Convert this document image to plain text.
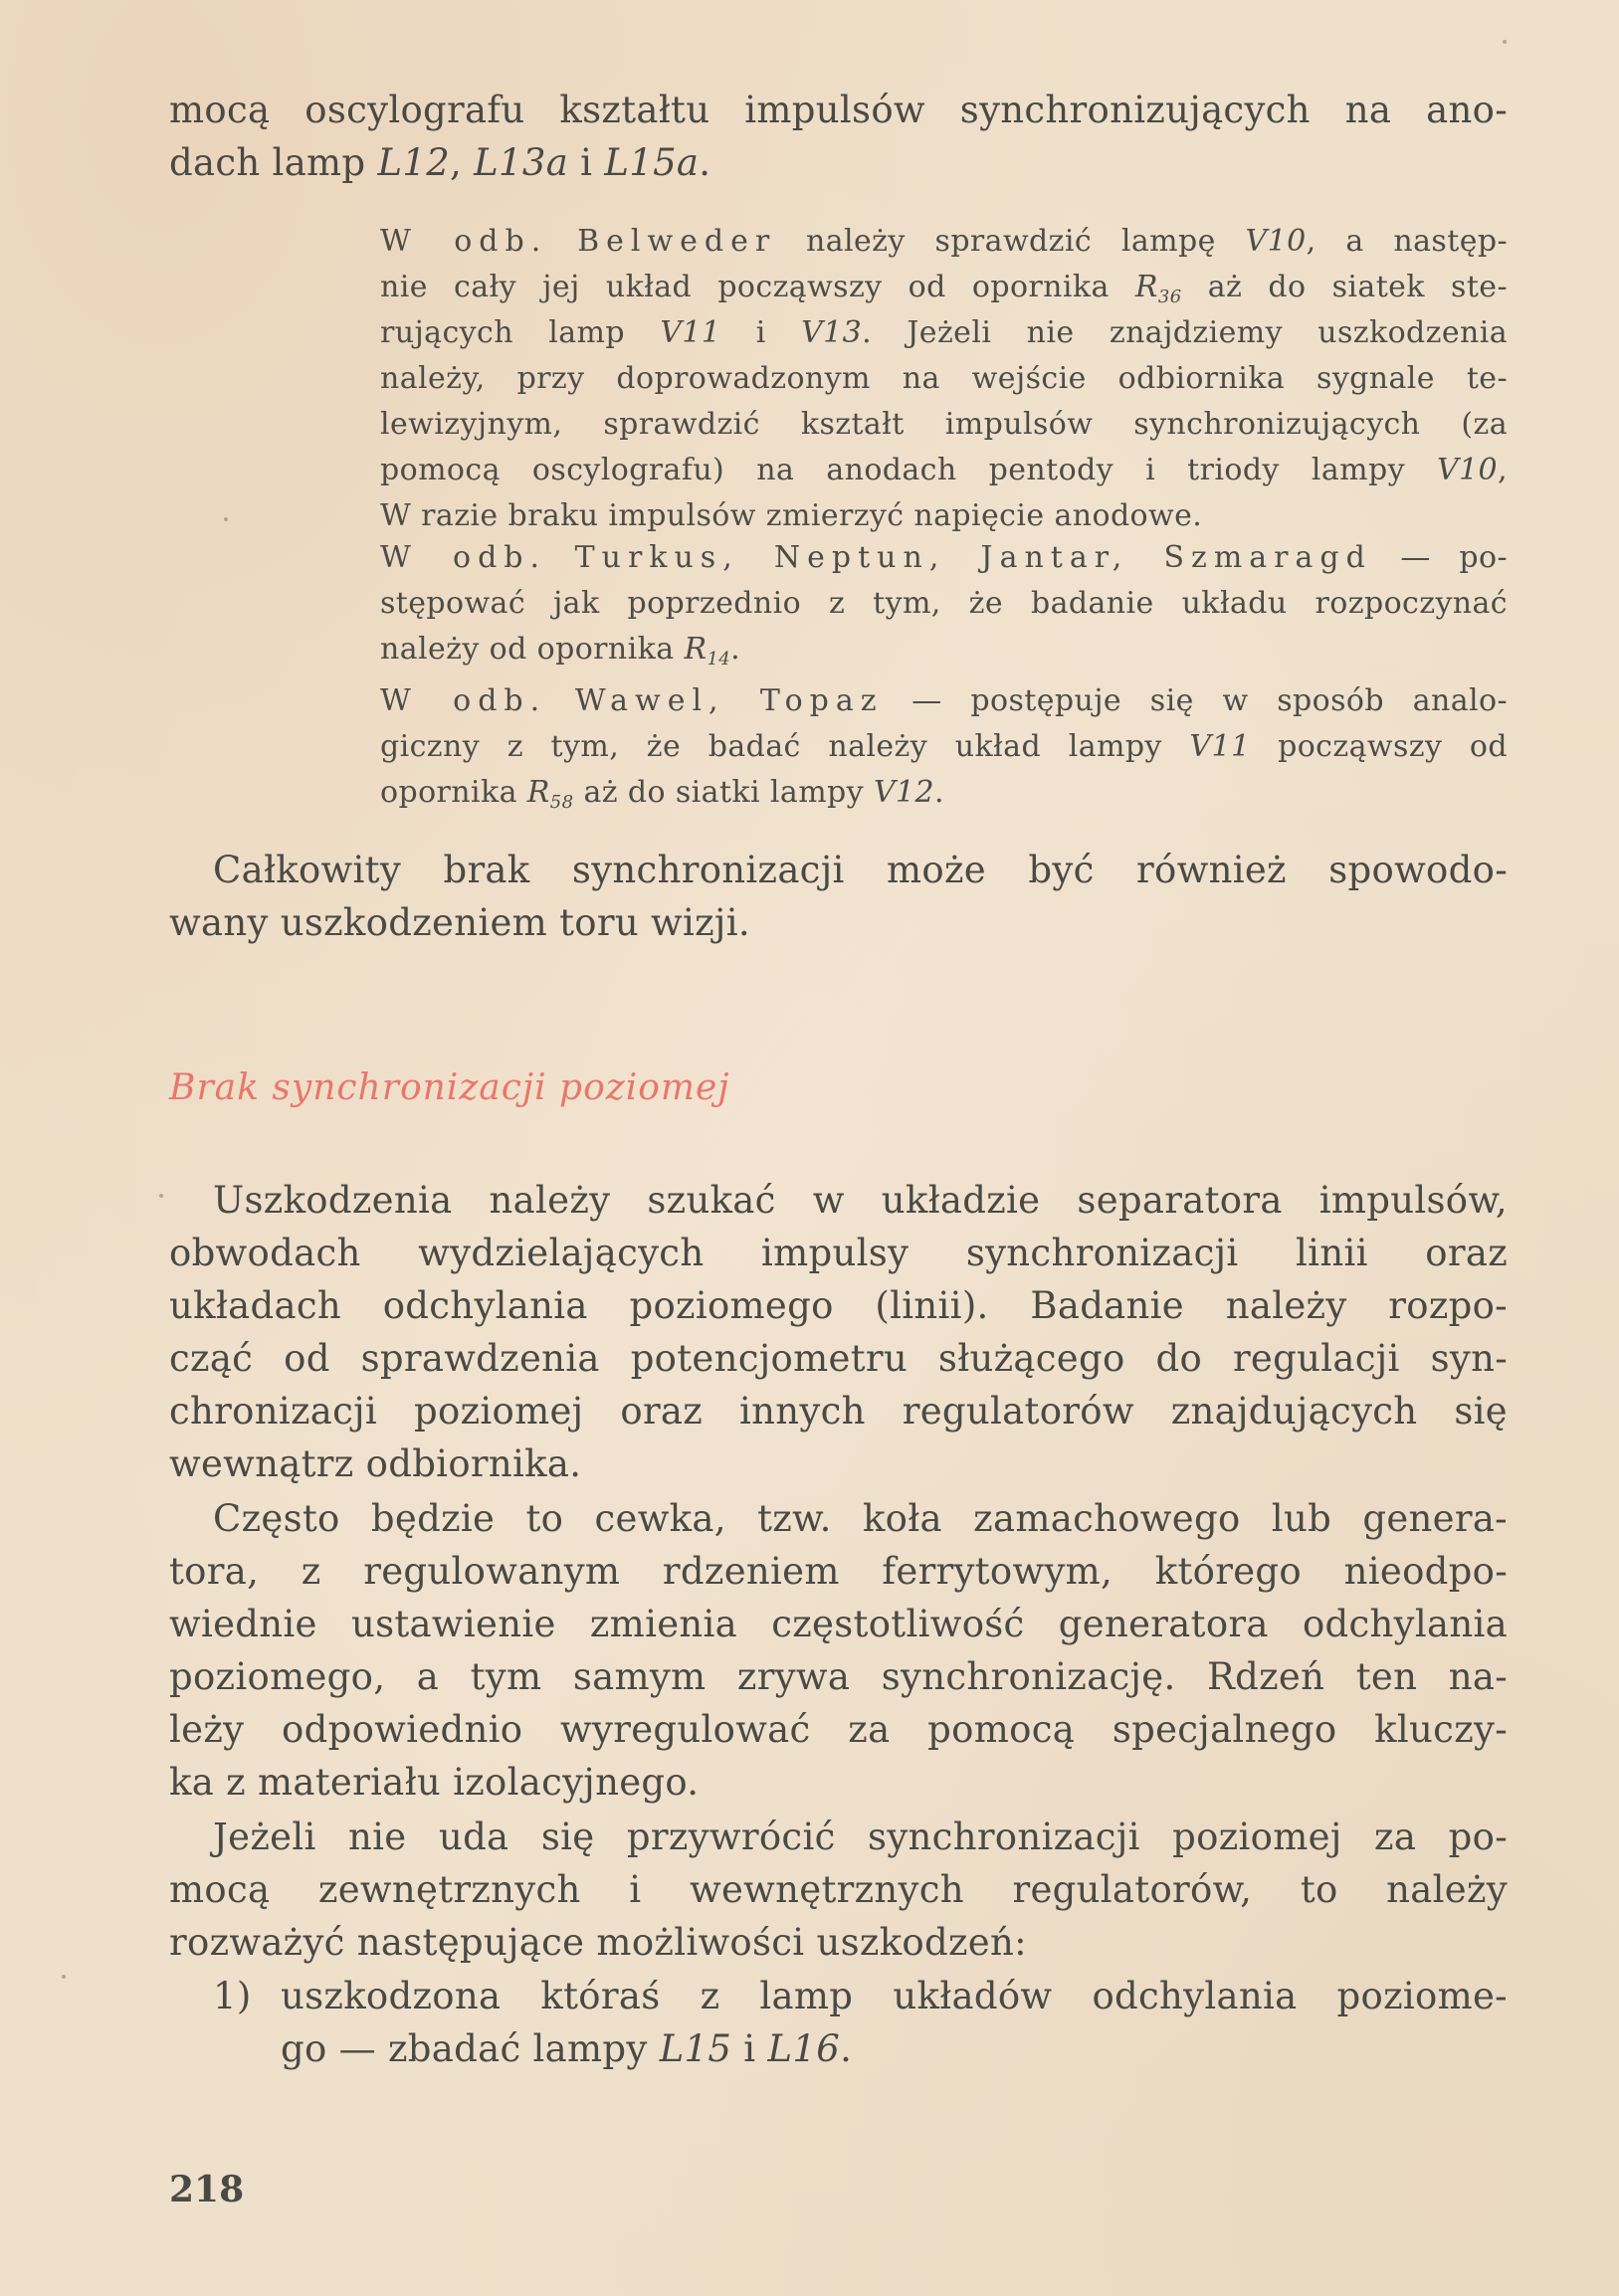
mocą oscylografu kształtu impulsów synchronizujących na ano-
dach lamp L12, L13a i L15a.
W odb. Belweder należy sprawdzić lampę V10, a następ-
nie cały jej układ począwszy od opornika $R_{36}$ aż do siatek ste-
rujących lamp V11 i V13. Jeżeli nie znajdziemy uszkodzenia
należy, przy doprowadzonym na wejście odbiornika sygnale te-
lewizyjnym, sprawdzić kształt impulsów synchronizujących (za
pomocą oscylografu) na anodach pentody i triody lampy V10,
W razie braku impulsów zmierzyć napięcie anodowe.
W odb. Turkus, Neptun, Jantar, Szmaragd — po-
stępować jak poprzednio z tym, że badanie układu rozpoczynać
należy od opornika $R_{14}$.
W odb. Wawel, Topaz — postępuje się w sposób analo-
giczny z tym, że badać należy układ lampy V11 począwszy od
opornika $R_{58}$ aż do siatki lampy V12.
Całkowity brak synchronizacji może być również spowodo-
wany uszkodzeniem toru wizji.
Brak synchronizacji poziomej
Uszkodzenia należy szukać w układzie separatora impulsów,
obwodach wydzielających impulsy synchronizacji linii oraz
układach odchylania poziomego (linii). Badanie należy rozpo-
cząć od sprawdzenia potencjometru służącego do regulacji syn-
chronizacji poziomej oraz innych regulatorów znajdujących się
wewnątrz odbiornika.
Często będzie to cewka, tzw. koła zamachowego lub genera-
tora, z regulowanym rdzeniem ferrytowym, którego nieodpo-
wiednie ustawienie zmienia częstotliwość generatora odchylania
poziomego, a tym samym zrywa synchronizację. Rdzeń ten na-
leży odpowiednio wyregulować za pomocą specjalnego kluczy-
ka z materiału izolacyjnego.
Jeżeli nie uda się przywrócić synchronizacji poziomej za po-
mocą zewnętrznych i wewnętrznych regulatorów, to należy
rozważyć następujące możliwości uszkodzeń:
1) uszkodzona któraś z lamp układów odchylania poziome-
go — zbadać lampy L15 i L16.
218
